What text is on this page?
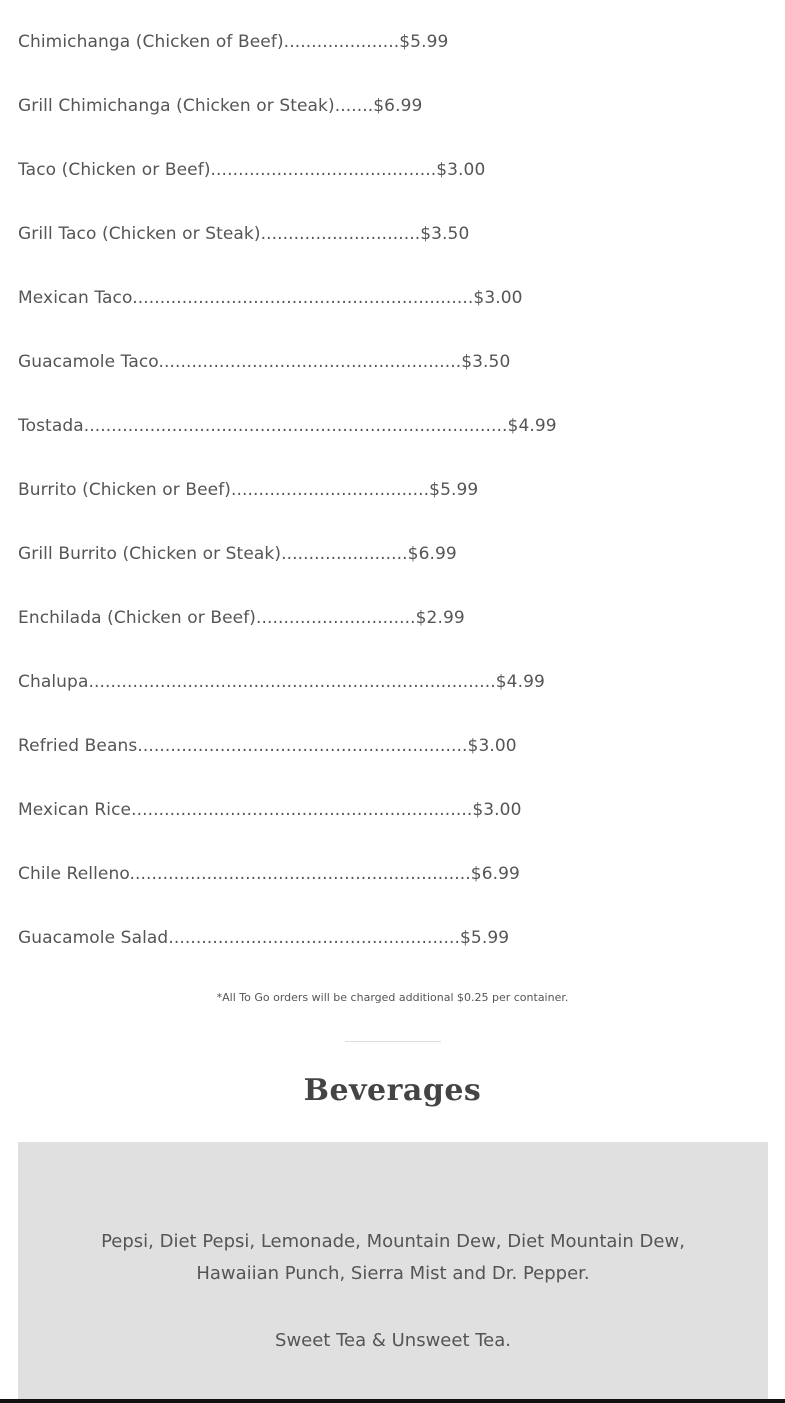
Chimichanga (Chicken of Beef).....................$5.99
Grill Chimichanga (Chicken or Steak).......$6.99
Taco (Chicken or Beef).........................................$3.00
Grill Taco (Chicken or Steak).............................$3.50
Mexican Taco..............................................................$3.00
Guacamole Taco.......................................................$3.50
Tostada.............................................................................$4.99
Burrito (Chicken or Beef)....................................$5.99
Grill Burrito (Chicken or Steak).......................$6.99
Enchilada (Chicken or Beef).............................$2.99
Chalupa..........................................................................$4.99
Refried Beans............................................................$3.00
Mexican Rice..............................................................$3.00
Chile Relleno..............................................................$6.99
Guacamole Salad.....................................................$5.99
*All To Go orders will be charged additional $0.25 per container.
Beverages
Pepsi, Diet Pepsi, Lemonade, Mountain Dew, Diet Mountain Dew,
Hawaiian Punch, Sierra Mist and Dr. Pepper.
Sweet Tea & Unsweet Tea.
